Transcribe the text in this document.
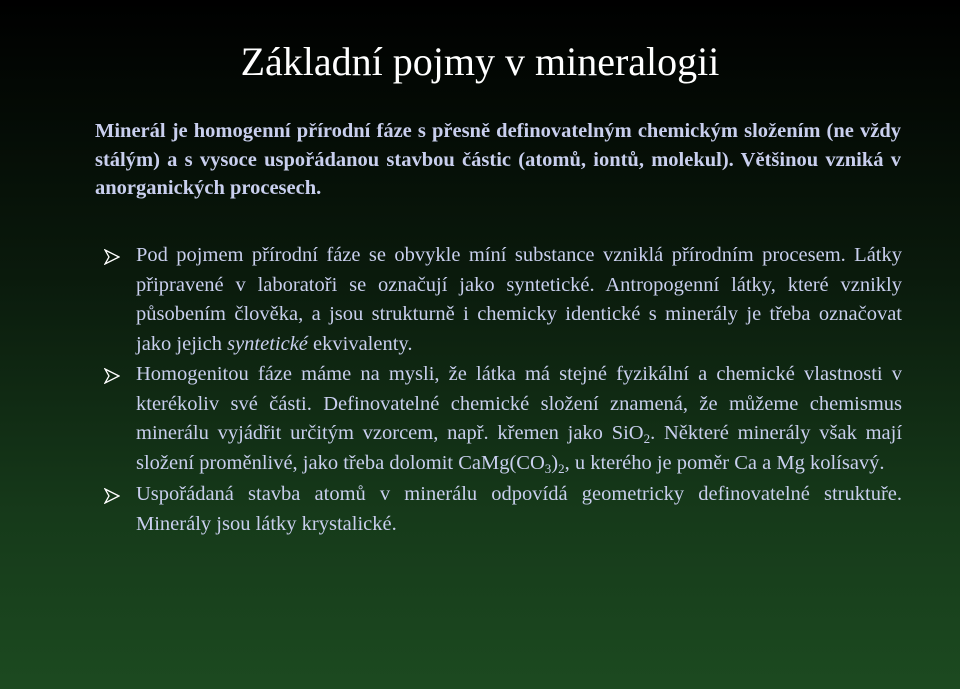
Základní pojmy v mineralogii

Minerál je homogenní přírodní fáze s přesně definovatelným chemickým složením (ne vždy stálým) a s vysoce uspořádanou stavbou částic (atomů, iontů, molekul). Většinou vzniká v anorganických procesech.

Pod pojmem přírodní fáze se obvykle míní substance vzniklá přírodním procesem. Látky připravené v laboratoři se označují jako syntetické. Antropogenní látky, které vznikly působením člověka, a jsou strukturně i chemicky identické s minerály je třeba označovat jako jejich syntetické ekvivalenty.
Homogenitou fáze máme na mysli, že látka má stejné fyzikální a chemické vlastnosti v kterékoliv své části. Definovatelné chemické složení znamená, že můžeme chemismus minerálu vyjádřit určitým vzorcem, např. křemen jako SiO$_2$. Některé minerály však mají složení proměnlivé, jako třeba dolomit $CaMg(CO_3)_2$, u kterého je poměr Ca a Mg kolísavý.
Uspořádaná stavba atomů v minerálu odpovídá geometricky definovatelné struktuře. Minerály jsou látky krystalické.
